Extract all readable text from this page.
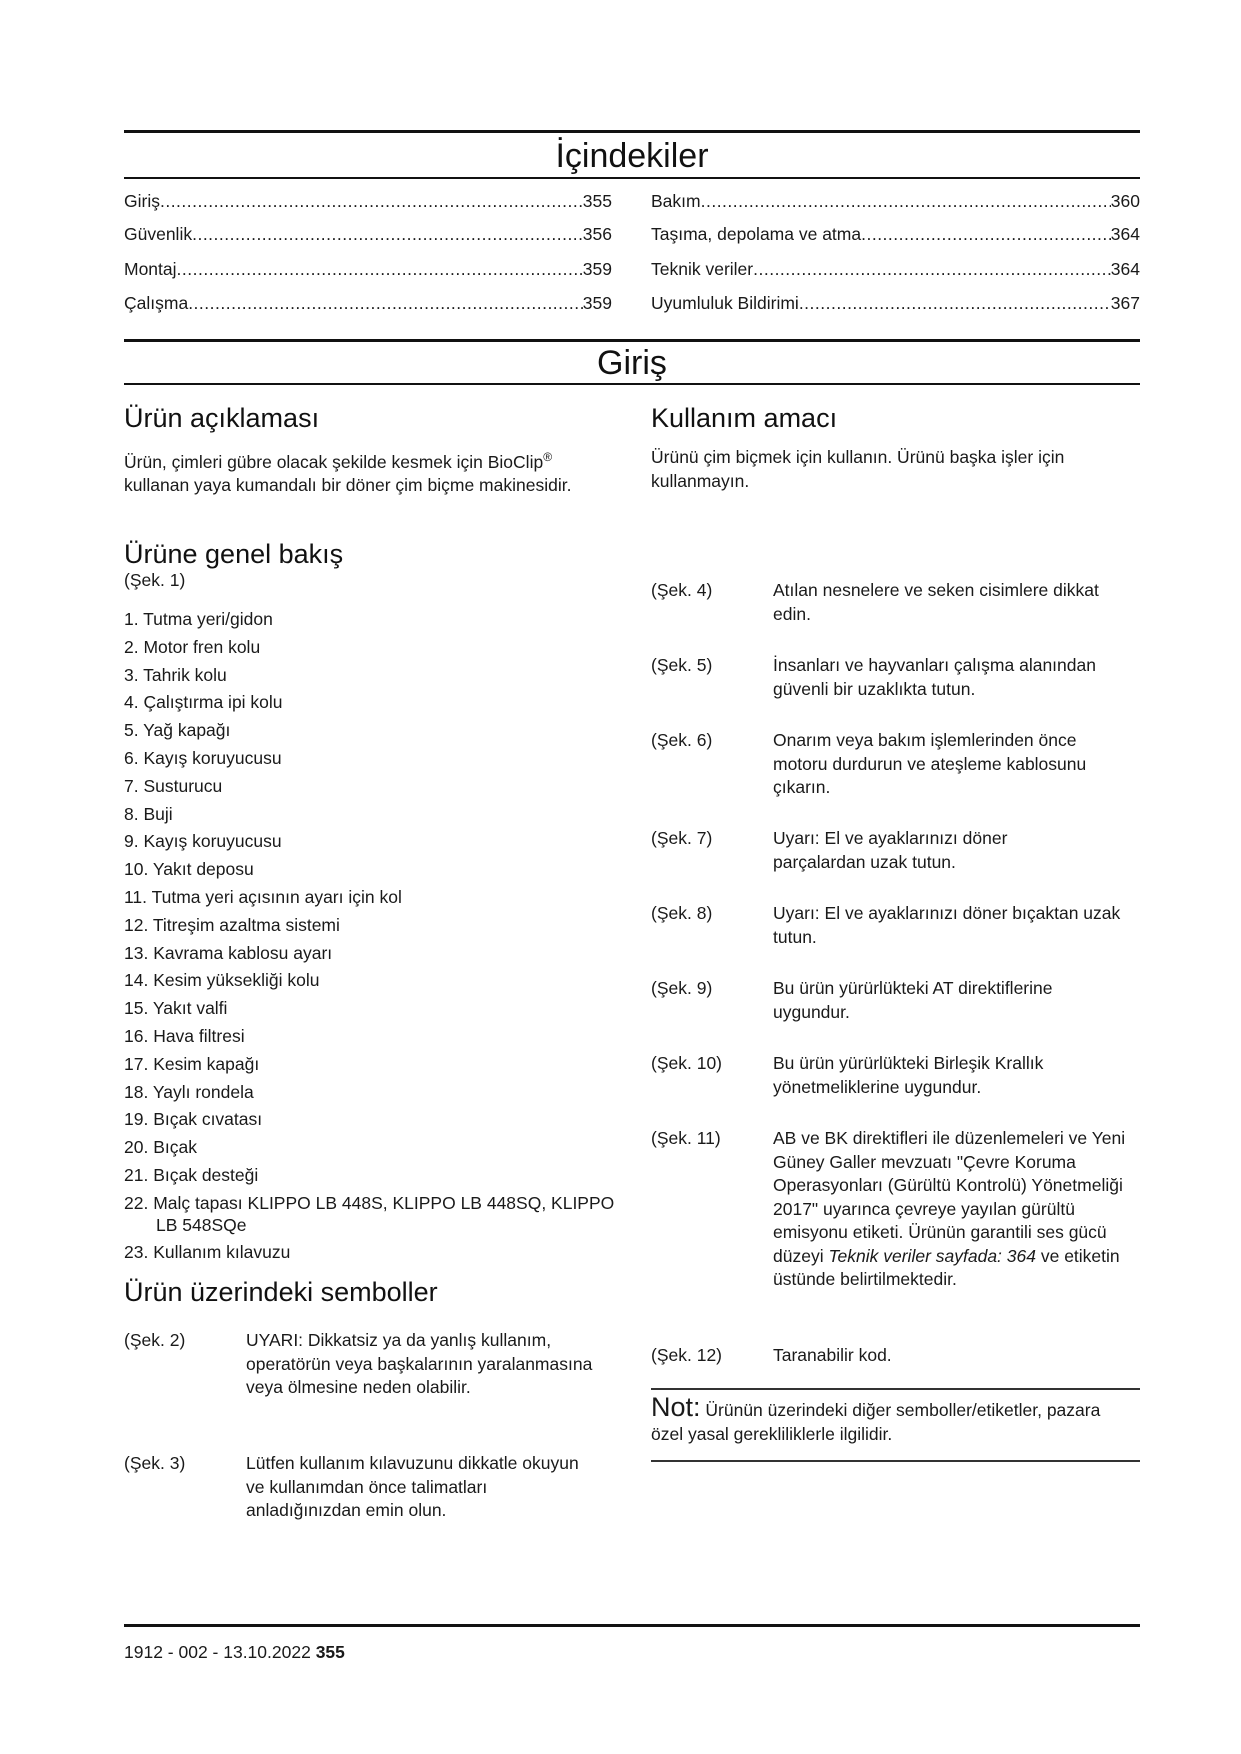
İçindekiler
Giriş .....	355
Güvenlik .....	356
Montaj .....	359
Çalışma .....	359
Bakım .....	360
Taşıma, depolama ve atma .....	364
Teknik veriler .....	364
Uyumluluk Bildirimi .....	367
Giriş
Ürün açıklaması

Ürün, çimleri gübre olacak şekilde kesmek için BioClip® kullanan yaya kumandalı bir döner çim biçme makinesidir.

Ürüne genel bakış
(Şek. 1)
1. Tutma yeri/gidon
2. Motor fren kolu
3. Tahrik kolu
4. Çalıştırma ipi kolu
5. Yağ kapağı
6. Kayış koruyucusu
7. Susturucu
8. Buji
9. Kayış koruyucusu
10. Yakıt deposu
11. Tutma yeri açısının ayarı için kol
12. Titreşim azaltma sistemi
13. Kavrama kablosu ayarı
14. Kesim yüksekliği kolu
15. Yakıt valfi
16. Hava filtresi
17. Kesim kapağı
18. Yaylı rondela
19. Bıçak cıvatası
20. Bıçak
21. Bıçak desteği
22. Malç tapası KLIPPO LB 448S, KLIPPO LB 448SQ, KLIPPO LB 548SQe
23. Kullanım kılavuzu
Ürün üzerindeki semboller
(Şek. 2)	UYARI: Dikkatsiz ya da yanlış kullanım, operatörün veya başkalarının yaralanmasına veya ölmesine neden olabilir.
(Şek. 3)	Lütfen kullanım kılavuzunu dikkatle okuyun ve kullanımdan önce talimatları anladığınızdan emin olun.
Kullanım amacı

Ürünü çim biçmek için kullanın. Ürünü başka işler için kullanmayın.

(Şek. 4)	Atılan nesnelere ve seken cisimlere dikkat edin.
(Şek. 5)	İnsanları ve hayvanları çalışma alanından güvenli bir uzaklıkta tutun.
(Şek. 6)	Onarım veya bakım işlemlerinden önce motoru durdurun ve ateşleme kablosunu çıkarın.
(Şek. 7)	Uyarı: El ve ayaklarınızı döner parçalardan uzak tutun.
(Şek. 8)	Uyarı: El ve ayaklarınızı döner bıçaktan uzak tutun.
(Şek. 9)	Bu ürün yürürlükteki AT direktiflerine uygundur.
(Şek. 10)	Bu ürün yürürlükteki Birleşik Krallık yönetmeliklerine uygundur.
(Şek. 11)	AB ve BK direktifleri ile düzenlemeleri ve Yeni Güney Galler mevzuatı "Çevre Koruma Operasyonları (Gürültü Kontrolü) Yönetmeliği 2017" uyarınca çevreye yayılan gürültü emisyonu etiketi. Ürünün garantili ses gücü düzeyi Teknik veriler sayfada: 364 ve etiketin üstünde belirtilmektedir.
(Şek. 12)	Taranabilir kod.
Not: Ürünün üzerindeki diğer semboller/etiketler, pazara özel yasal gerekliliklerle ilgilidir.
1912 - 002 - 13.10.2022 355
